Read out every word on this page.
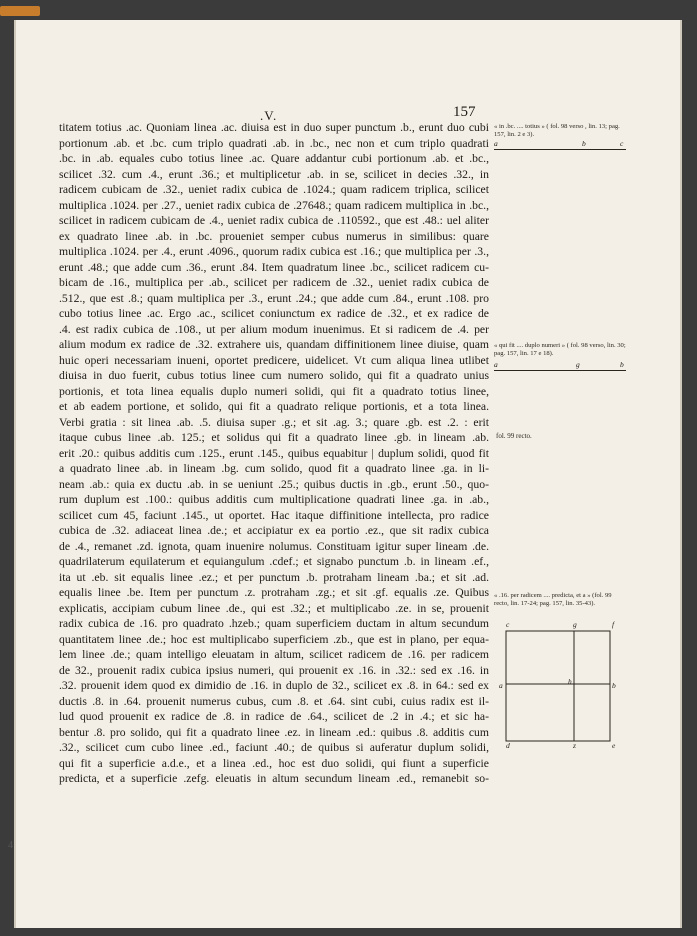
.V.	157
titatem totius .ac. Quoniam linea .ac. diuisa est in duo super punctum .b., erunt duo cubi
portionum .ab. et .bc. cum triplo quadrati .ab. in .bc., nec non et cum triplo quadrati
.bc. in .ab. equales cubo totius linee .ac. Quare addantur cubi portionum .ab. et .bc.,
scilicet .32. cum .4., erunt .36.; et multiplicetur .ab. in se, scilicet in decies .32., in
radicem cubicam de .32., ueniet radix cubica de .1024.; quam radicem triplica, scilicet
multiplica .1024. per .27., ueniet radix cubica de .27648.; quam radicem multiplica in .bc.,
scilicet in radicem cubicam de .4., ueniet radix cubica de .110592., que est .48.: uel aliter
ex quadrato linee .ab. in .bc. proueniet semper cubus numerus in similibus: quare
multiplica .1024. per .4., erunt .4096., quorum radix cubica est .16.; que multiplica per .3.,
erunt .48.; que adde cum .36., erunt .84. Item quadratum linee .bc., scilicet radicem cu-
bicam de .16., multiplica per .ab., scilicet per radicem de .32., ueniet radix cubica de
.512., que est .8.; quam multiplica per .3., erunt .24.; que adde cum .84., erunt .108. pro
cubo totius linee .ac. Ergo .ac., scilicet coniunctum ex radice de .32., et ex radice de
.4. est radix cubica de .108., ut per alium modum inuenimus. Et si radicem de .4. per
alium modum ex radice de .32. extrahere uis, quandam diffinitionem linee diuise, quam
huic operi necessariam inueni, oportet predicere, uidelicet. Vt cum aliqua linea utlibet
diuisa in duo fuerit, cubus totius linee cum numero solido, qui fit a quadrato unius
portionis, et tota linea equalis duplo numeri solidi, qui fit a quadrato totius linee,
et ab eadem portione, et solido, qui fit a quadrato reliquе portionis, et a tota linea.
Verbi gratia : sit linea .ab. .5. diuisa super .g.; et sit .ag. 3.; quare .gb. est .2. : erit
itaque cubus linee .ab. 125.; et solidus qui fit a quadrato linee .gb. in lineam .ab.
erit .20.: quibus additis cum .125., erunt .145., quibus equabitur | duplum solidi, quod fit
a quadrato linee .ab. in lineam .bg. cum solido, quod fit a quadrato linee .ga. in li-
neam .ab.: quia ex ductu .ab. in se ueniunt .25.; quibus ductis in .gb., erunt .50., quo-
rum duplum est .100.: quibus additis cum multiplicatione quadrati linee .ga. in .ab.,
scilicet cum 45, faciunt .145., ut oportet. Hac itaque diffinitione intellecta, pro radice
cubica de .32. adiaceat linea .de.; et accipiatur ex ea portio .ez., que sit radix cubica
de .4., remanet .zd. ignota, quam inuenire nolumus. Constituam igitur super lineam .de.
quadrilaterum equilaterum et equiangulum .cdef.; et signabo punctum .b. in lineam .ef.,
ita ut .eb. sit equalis linee .ez.; et per punctum .b. protraham lineam .ba.; et sit .ad.
equalis linee .be. Item per punctum .z. protraham .zg.; et sit .gf. equalis .ze. Quibus
explicatis, accipiam cubum linee .de., qui est .32.; et multiplicabo .ze. in se, prouenit
radix cubica de .16. pro quadrato .hzeb.; quam superficiem ductam in altum secundum
quantitatem linee .de.; hoc est multiplicabo superficiem .zb., que est in plano, per equa-
lem linee .de.; quam intelligo eleuatam in altum, scilicet radicem de .16. per radicem
de 32., prouenit radix cubica ipsius numeri, qui prouenit ex .16. in .32.: sed ex .16. in
.32. prouenit idem quod ex dimidio de .16. in duplo de 32., scilicet ex .8. in 64.: sed ex
ductis .8. in .64. prouenit numerus cubus, cum .8. et .64. sint cubi, cuius radix est il-
lud quod prouenit ex radice de .8. in radice de .64., scilicet de .2 in .4.; et sic ha-
bentur .8. pro solido, qui fit a quadrato linee .ez. in lineam .ed.: quibus .8. additis cum
.32., scilicet cum cubo linee .ed., faciunt .40.; de quibus si auferatur duplum solidi,
qui fit a superficie a.d.e., et a linea .ed., hoc est duo solidi, qui fiunt a superficie
predicta, et a superficie .zefg. eleuatis in altum secundum lineam .ed., remanebit so-
« in .bc. .... totius » ( fol. 98 verso , lin. 13; pag. 157, lin. 2 e 3).
a	b	c
« qui fit .... duplo numeri » ( fol. 98 verso, lin. 30; pag. 157, lin. 17 e 18).
a	g	b
fol. 99 recto.
« .16. per radicem .... predicta, et a » (fol. 99 recto, lin. 17-24; pag. 157, lin. 35-43).
c	g	f
a	h	b
d	z	e
4
